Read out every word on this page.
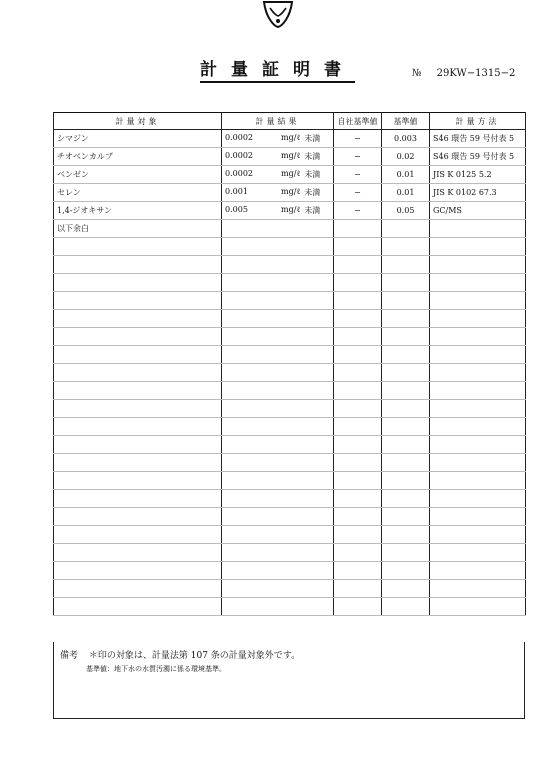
計量証明書	№ 29KW−1315−2
計量対象	計量結果	自社基準値	基準値	計量方法
シマジン	0.0002 mg/ℓ 未満	−	0.003	S46 環告 59 号付表 5
チオベンカルブ	0.0002 mg/ℓ 未満	−	0.02	S46 環告 59 号付表 5
ベンゼン	0.0002 mg/ℓ 未満	−	0.01	JIS K 0125 5.2
セレン	0.001 mg/ℓ 未満	−	0.01	JIS K 0102 67.3
1,4-ジオキサン	0.005 mg/ℓ 未満	−	0.05	GC/MS
以下余白	

備考 ＊印の対象は、計量法第 107 条の計量対象外です。
基準値：地下水の水質汚濁に係る環境基準。
